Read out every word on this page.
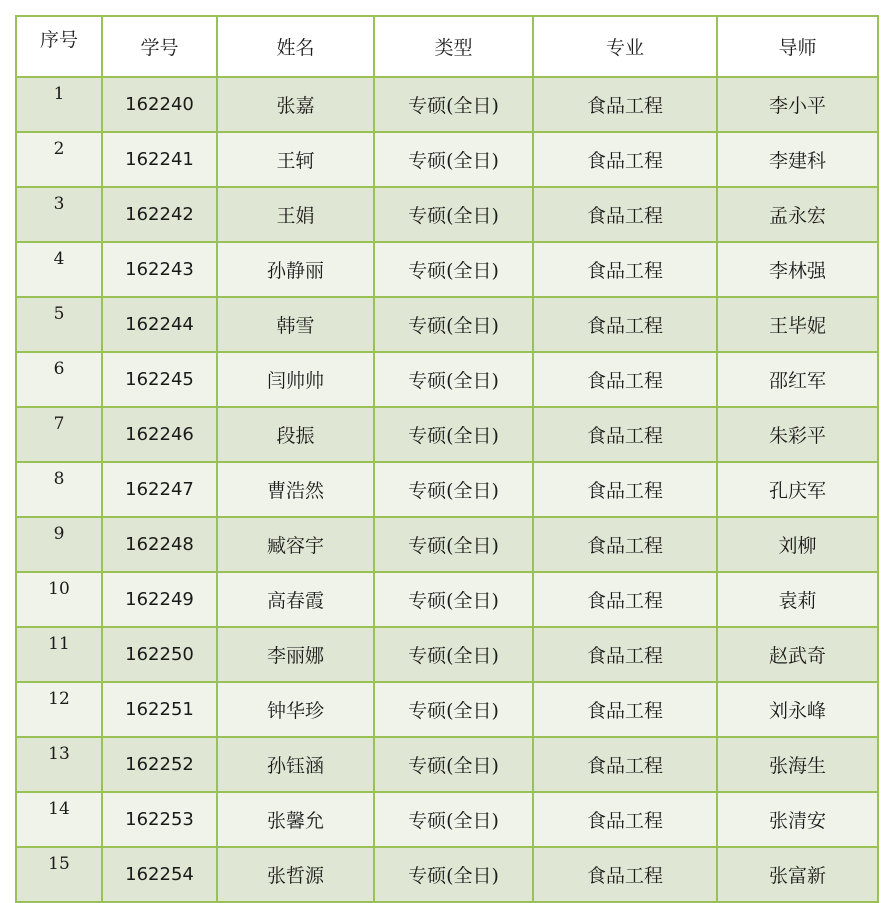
序号	学号	姓名	类型	专业	导师
1	162240	张嘉	专硕(全日)	食品工程	李小平
2	162241	王轲	专硕(全日)	食品工程	李建科
3	162242	王娟	专硕(全日)	食品工程	孟永宏
4	162243	孙静丽	专硕(全日)	食品工程	李林强
5	162244	韩雪	专硕(全日)	食品工程	王毕妮
6	162245	闫帅帅	专硕(全日)	食品工程	邵红军
7	162246	段振	专硕(全日)	食品工程	朱彩平
8	162247	曹浩然	专硕(全日)	食品工程	孔庆军
9	162248	臧容宇	专硕(全日)	食品工程	刘柳
10	162249	高春霞	专硕(全日)	食品工程	袁莉
11	162250	李丽娜	专硕(全日)	食品工程	赵武奇
12	162251	钟华珍	专硕(全日)	食品工程	刘永峰
13	162252	孙钰涵	专硕(全日)	食品工程	张海生
14	162253	张馨允	专硕(全日)	食品工程	张清安
15	162254	张哲源	专硕(全日)	食品工程	张富新
